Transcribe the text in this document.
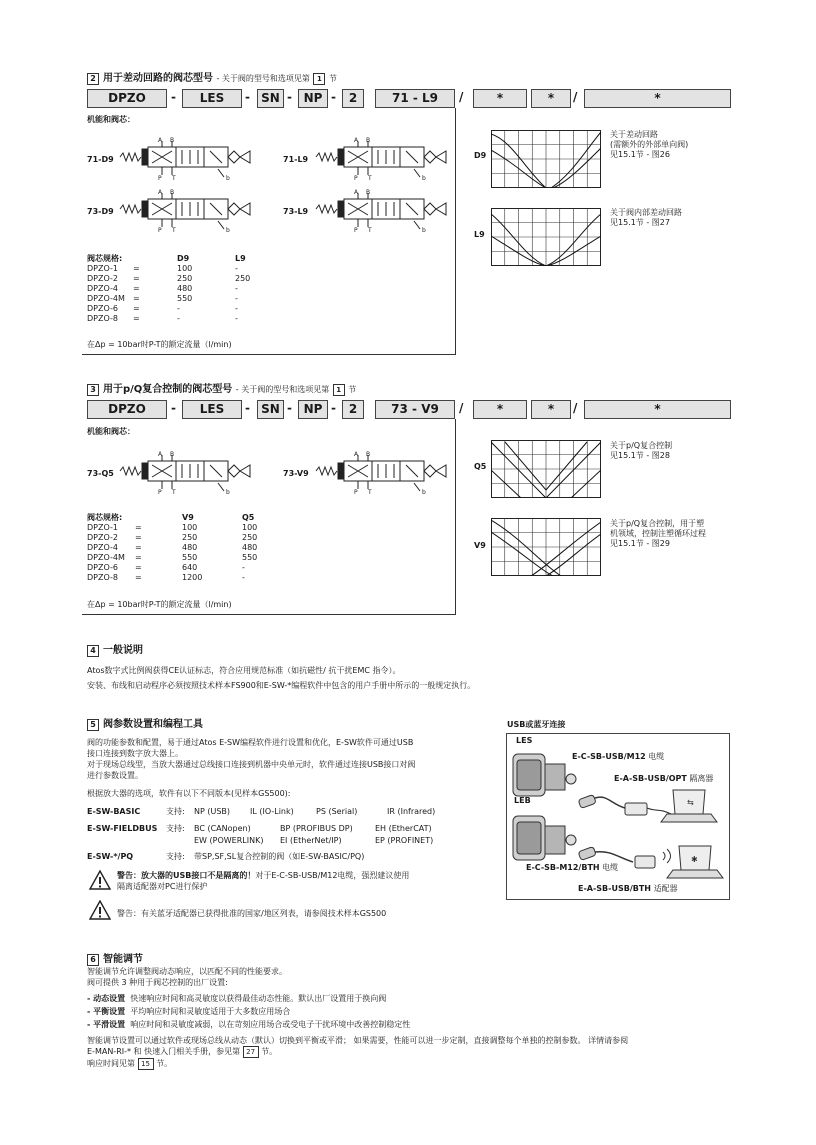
2 用于差动回路的阀芯型号 - 关于阀的型号和选项见第 1 节
DPZO	-	LES	- SN - NP -	2	71 - L9	/	*	*	/	*
机能和阀芯：
71-D9	71-L9
73-D9	73-L9
A B
P T	b
A B
P T	b
A B
P T	b
A B
P T	b
阀芯规格:	D9	L9
DPZO-1 =	100	-
DPZO-2 =	250	250
DPZO-4 =	480	-
DPZO-4M =	550	-
DPZO-6 =	-	-
DPZO-8 =	-	-
在Δp = 10bar时P-T的额定流量（l/min)
D9
关于差动回路
(需额外的外部单向阀)
见15.1节 - 图26
L9
关于阀内部差动回路
见15.1节 - 图27
3 用于p/Q复合控制的阀芯型号 - 关于阀的型号和选项见第 1 节
DPZO	-	LES	- SN - NP -	2	73 - V9	/	*	*	/	*
机能和阀芯：
73-Q5	73-V9
A B
P T	b
A B
P T	b
阀芯规格:	V9	Q5
DPZO-1 =	100	100
DPZO-2 =	250	250
DPZO-4 =	480	480
DPZO-4M =	550	550
DPZO-6 =	640	-
DPZO-8 =	1200	-
在Δp = 10bar时P-T的额定流量（l/min)
Q5
关于p/Q复合控制
见15.1节 - 图28
V9
关于p/Q复合控制，用于塑
机领域，控制注塑循环过程
见15.1节 - 图29
4 一般说明
Atos数字式比例阀获得CE认证标志，符合应用规范标准（如抗磁性/ 抗干扰EMC 指令）。
安装、布线和启动程序必须按照技术样本FS900和E-SW-*编程软件中包含的用户手册中所示的一般规定执行。
5 阀参数设置和编程工具
阀的功能参数和配置，易于通过Atos E-SW编程软件进行设置和优化，E-SW软件可通过USB
接口连接到数字放大器上。
对于现场总线型，当放大器通过总线接口连接到机器中央单元时，软件通过连接USB接口对阀
进行参数设置。
根据放大器的选项，软件有以下不同版本(见样本GS500):
E-SW-BASIC	支持: NP (USB) IL (IO-Link)	PS (Serial)	IR (Infrared)
E-SW-FIELDBUS 支持: BC (CANopen)	BP (PROFIBUS DP)	EH (EtherCAT)
EW (POWERLINK) EI (EtherNet/IP)	EP (PROFINET)
E-SW-*/PQ	支持: 带SP,SF,SL复合控制的阀（如E-SW-BASIC/PQ)
警告：放大器的USB接口不是隔离的！对于E-C-SB-USB/M12电缆，强烈建议使用
隔离适配器对PC进行保护
警告：有关蓝牙适配器已获得批准的国家/地区列表，请参阅技术样本GS500
USB或蓝牙连接
⇆
✱
LES
LEB
E-C-SB-USB/M12 电缆
E-A-SB-USB/OPT 隔离器
E-C-SB-M12/BTH 电缆
E-A-SB-USB/BTH 适配器
6 智能调节
智能调节允许调整阀动态响应，以匹配不同的性能要求。
阀可提供 3 种用于阀芯控制的出厂设置:
- 动态设置 快速响应时间和高灵敏度以获得最佳动态性能。默认出厂设置用于换向阀
- 平衡设置 平均响应时间和灵敏度适用于大多数应用场合
- 平滑设置 响应时间和灵敏度减弱，以在苛刻应用场合或受电子干扰环境中改善控制稳定性
智能调节设置可以通过软件或现场总线从动态（默认）切换到平衡或平滑； 如果需要，性能可以进一步定制，直接调整每个单独的控制参数。 详情请参阅
E-MAN-RI-* 和 快速入门相关手册，参见第 27 节。
响应时间见第 15 节。
